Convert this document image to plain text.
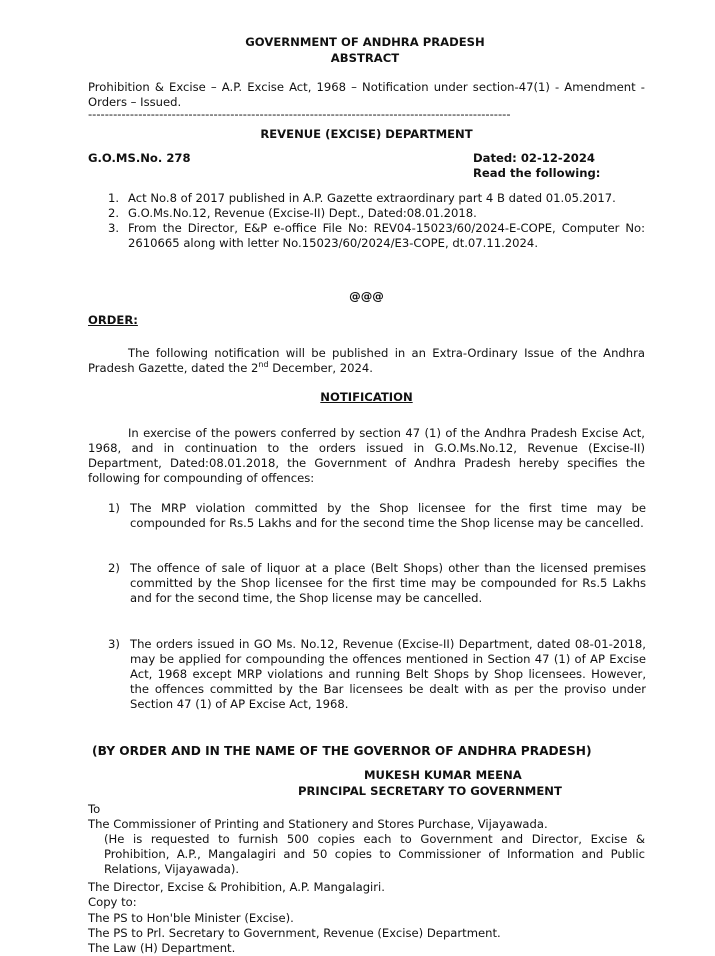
GOVERNMENT OF ANDHRA PRADESH
ABSTRACT
Prohibition & Excise – A.P. Excise Act, 1968 – Notification under section-47(1) - Amendment - Orders – Issued.
-----------------------------------------------------------------------------------------------------
REVENUE (EXCISE) DEPARTMENT
G.O.MS.No. 278	Dated: 02-12-2024
Read the following:
1. Act No.8 of 2017 published in A.P. Gazette extraordinary part 4 B dated 01.05.2017.
2. G.O.Ms.No.12, Revenue (Excise-II) Dept., Dated:08.01.2018.
3. From the Director, E&P e-office File No: REV04-15023/60/2024-E-COPE, Computer No: 2610665 along with letter No.15023/60/2024/E3-COPE, dt.07.11.2024.
@@@
ORDER:
The following notification will be published in an Extra-Ordinary Issue of the Andhra Pradesh Gazette, dated the 2nd December, 2024.
NOTIFICATION
In exercise of the powers conferred by section 47 (1) of the Andhra Pradesh Excise Act, 1968, and in continuation to the orders issued in G.O.Ms.No.12, Revenue (Excise-II) Department, Dated:08.01.2018, the Government of Andhra Pradesh hereby specifies the following for compounding of offences:
1) The MRP violation committed by the Shop licensee for the first time may be compounded for Rs.5 Lakhs and for the second time the Shop license may be cancelled.
2) The offence of sale of liquor at a place (Belt Shops) other than the licensed premises committed by the Shop licensee for the first time may be compounded for Rs.5 Lakhs and for the second time, the Shop license may be cancelled.
3) The orders issued in GO Ms. No.12, Revenue (Excise-II) Department, dated 08-01-2018, may be applied for compounding the offences mentioned in Section 47 (1) of AP Excise Act, 1968 except MRP violations and running Belt Shops by Shop licensees. However, the offences committed by the Bar licensees be dealt with as per the proviso under Section 47 (1) of AP Excise Act, 1968.
(BY ORDER AND IN THE NAME OF THE GOVERNOR OF ANDHRA PRADESH)
MUKESH KUMAR MEENA
PRINCIPAL SECRETARY TO GOVERNMENT
To
The Commissioner of Printing and Stationery and Stores Purchase, Vijayawada.
(He is requested to furnish 500 copies each to Government and Director, Excise & Prohibition, A.P., Mangalagiri and 50 copies to Commissioner of Information and Public Relations, Vijayawada).
The Director, Excise & Prohibition, A.P. Mangalagiri.
Copy to:
The PS to Hon'ble Minister (Excise).
The PS to Prl. Secretary to Government, Revenue (Excise) Department.
The Law (H) Department.
